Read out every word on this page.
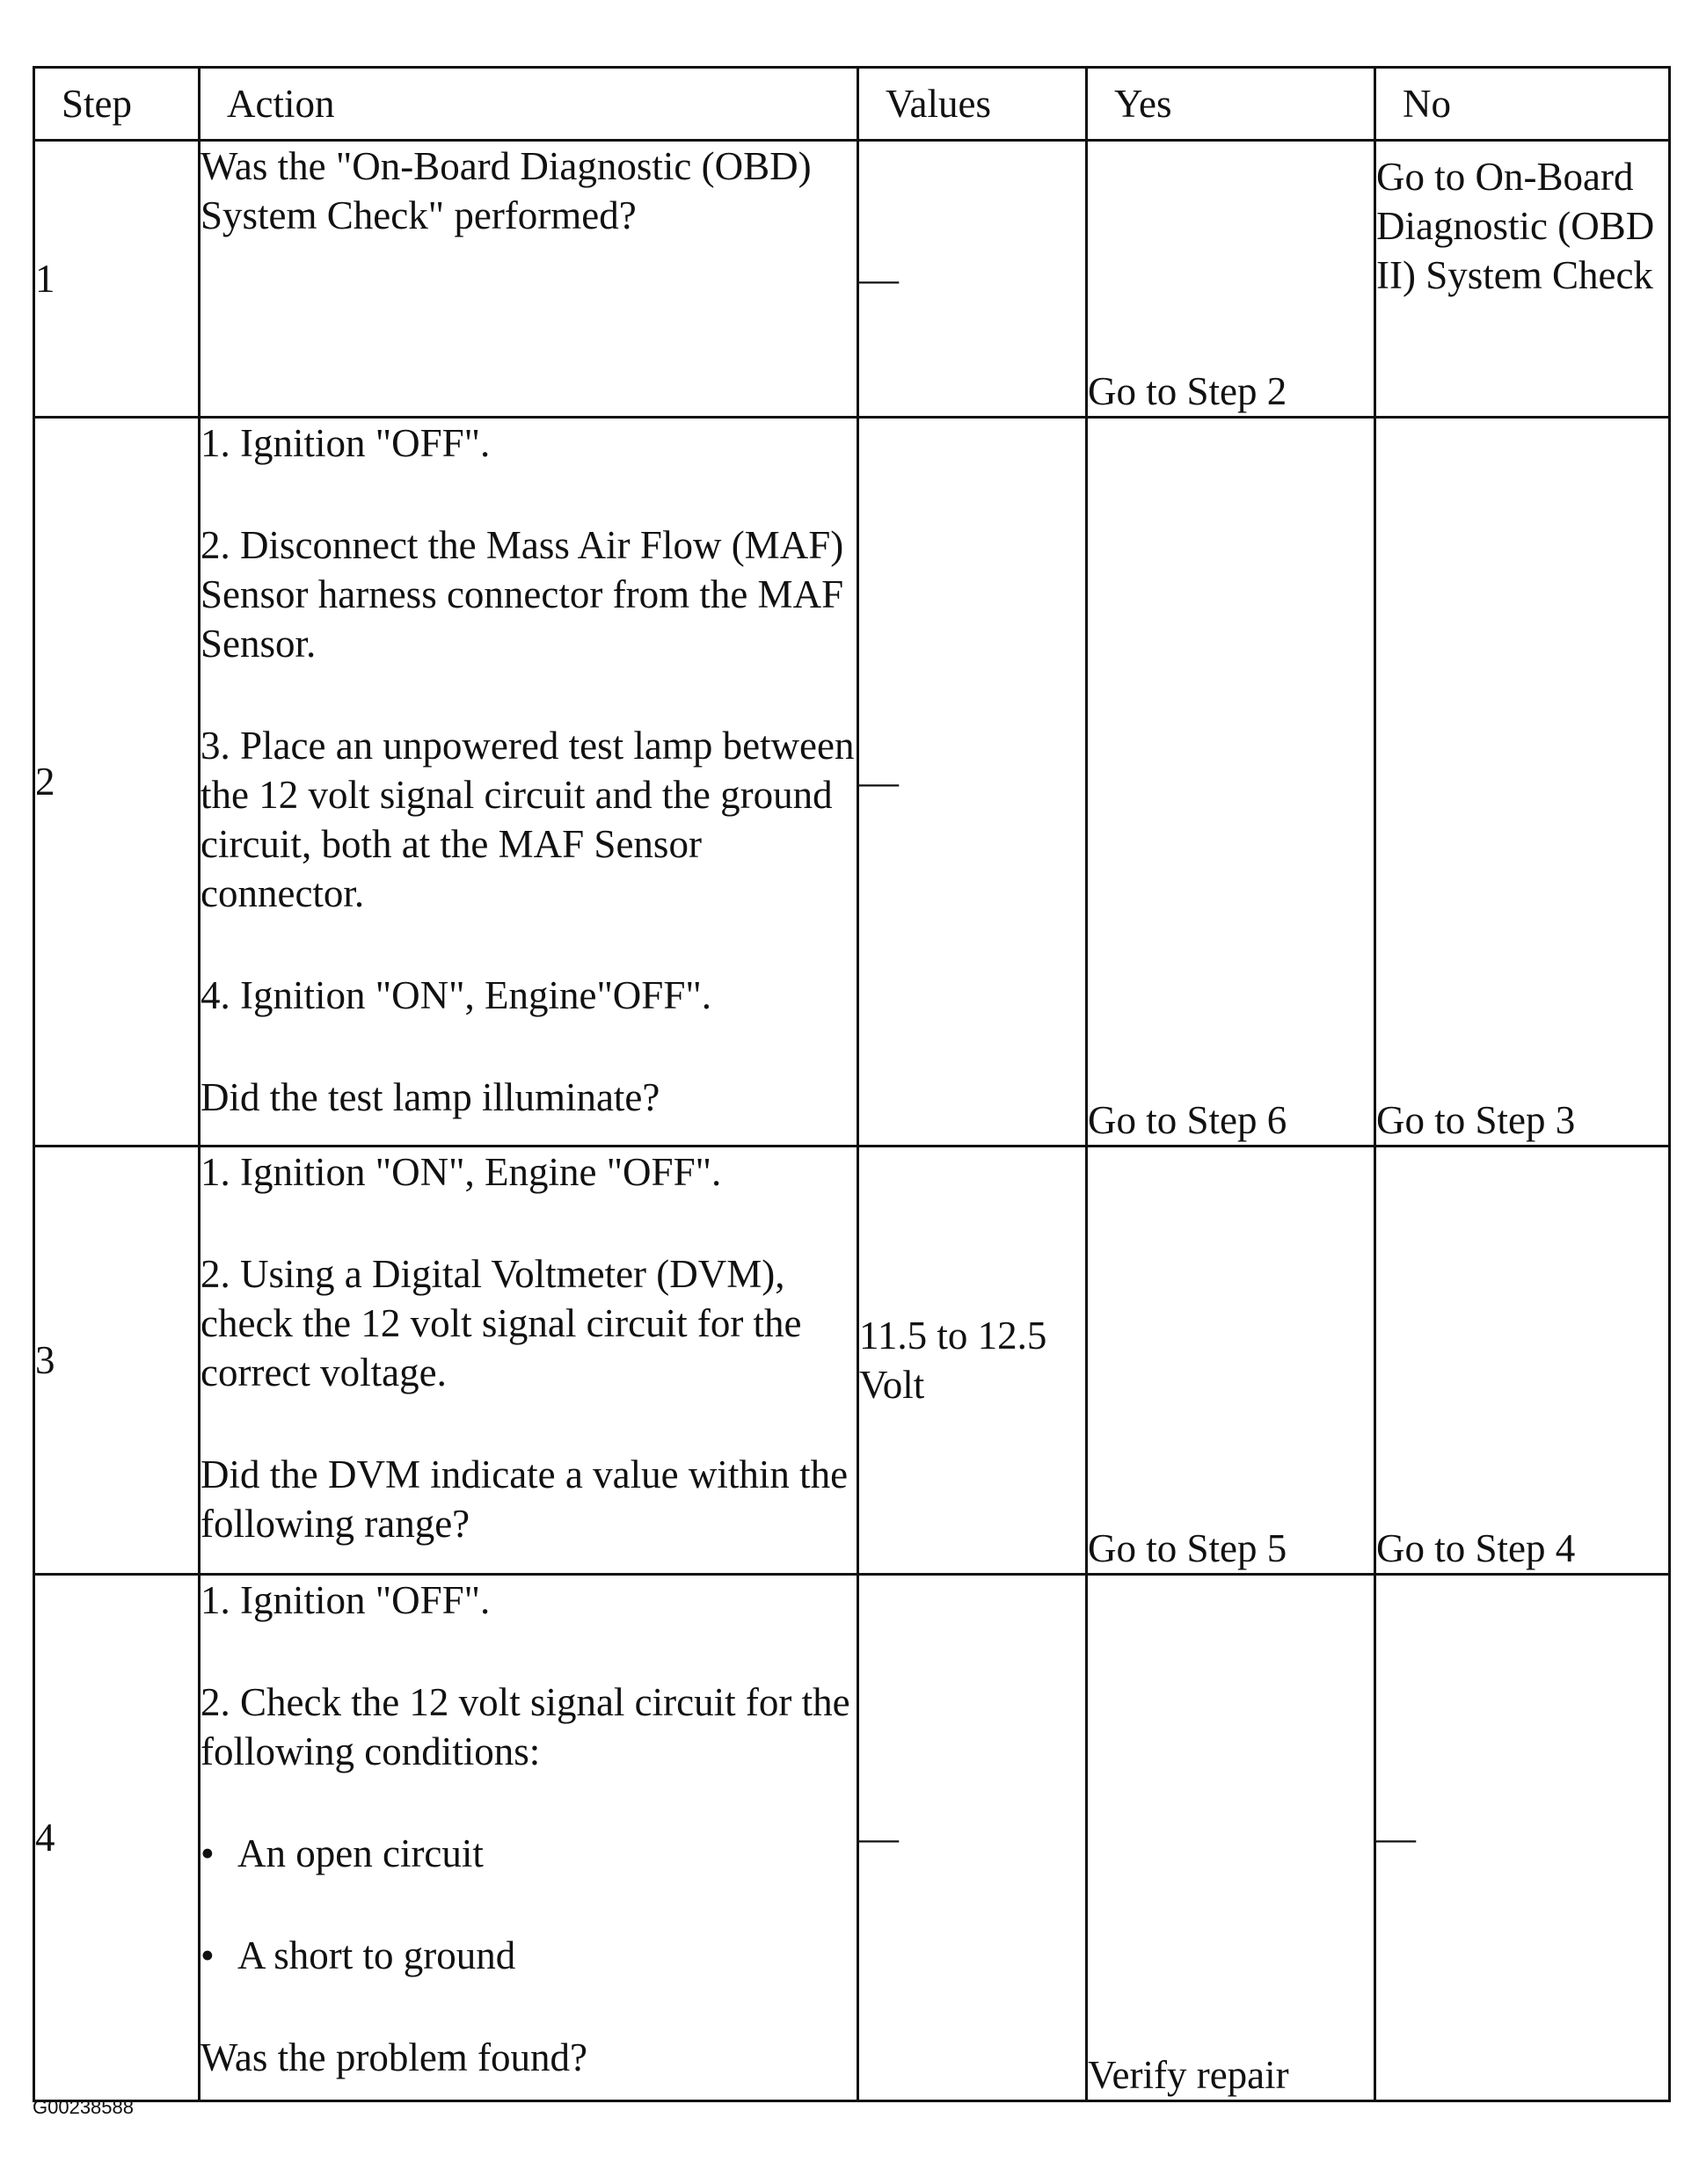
Step	Action	Values	Yes	No
1	Was the "On-Board Diagnostic (OBD) System Check" performed?	—	Go to Step 2	Go to On-Board Diagnostic (OBD II) System Check
2	1. Ignition "OFF".

2. Disconnect the Mass Air Flow (MAF) Sensor harness connector from the MAF Sensor.

3. Place an unpowered test lamp between the 12 volt signal circuit and the ground circuit, both at the MAF Sensor connector.

4. Ignition "ON", Engine"OFF".

Did the test lamp illuminate?	—	Go to Step 6	Go to Step 3
3	1. Ignition "ON", Engine "OFF".

2. Using a Digital Voltmeter (DVM), check the 12 volt signal circuit for the correct voltage.

Did the DVM indicate a value within the following range?	11.5 to 12.5 Volt	Go to Step 5	Go to Step 4
4	1. Ignition "OFF".

2. Check the 12 volt signal circuit for the following conditions:

• An open circuit

• A short to ground

Was the problem found?	—	Verify repair	—
G00238588
